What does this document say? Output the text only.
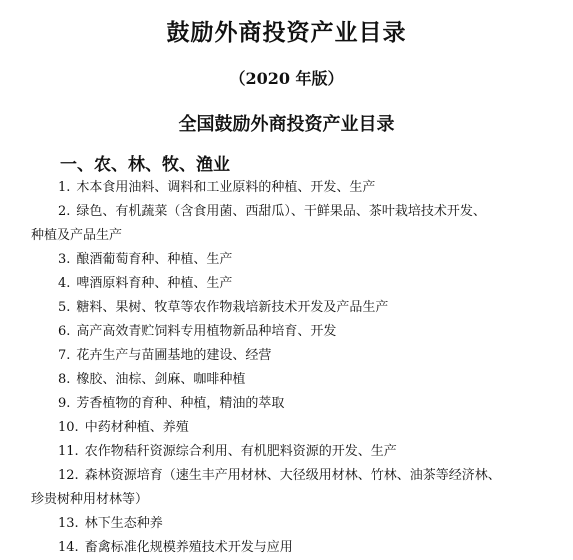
鼓励外商投资产业目录
（2020 年版）
全国鼓励外商投资产业目录
一、农、林、牧、渔业
1. 木本食用油料、调料和工业原料的种植、开发、生产
2. 绿色、有机蔬菜（含食用菌、西甜瓜）、干鲜果品、茶叶栽培技术开发、
种植及产品生产
3. 酿酒葡萄育种、种植、生产
4. 啤酒原料育种、种植、生产
5. 糖料、果树、牧草等农作物栽培新技术开发及产品生产
6. 高产高效青贮饲料专用植物新品种培育、开发
7. 花卉生产与苗圃基地的建设、经营
8. 橡胶、油棕、剑麻、咖啡种植
9. 芳香植物的育种、种植，精油的萃取
10. 中药材种植、养殖
11. 农作物秸秆资源综合利用、有机肥料资源的开发、生产
12. 森林资源培育（速生丰产用材林、大径级用材林、竹林、油茶等经济林、
珍贵树种用材林等）
13. 林下生态种养
14. 畜禽标准化规模养殖技术开发与应用
